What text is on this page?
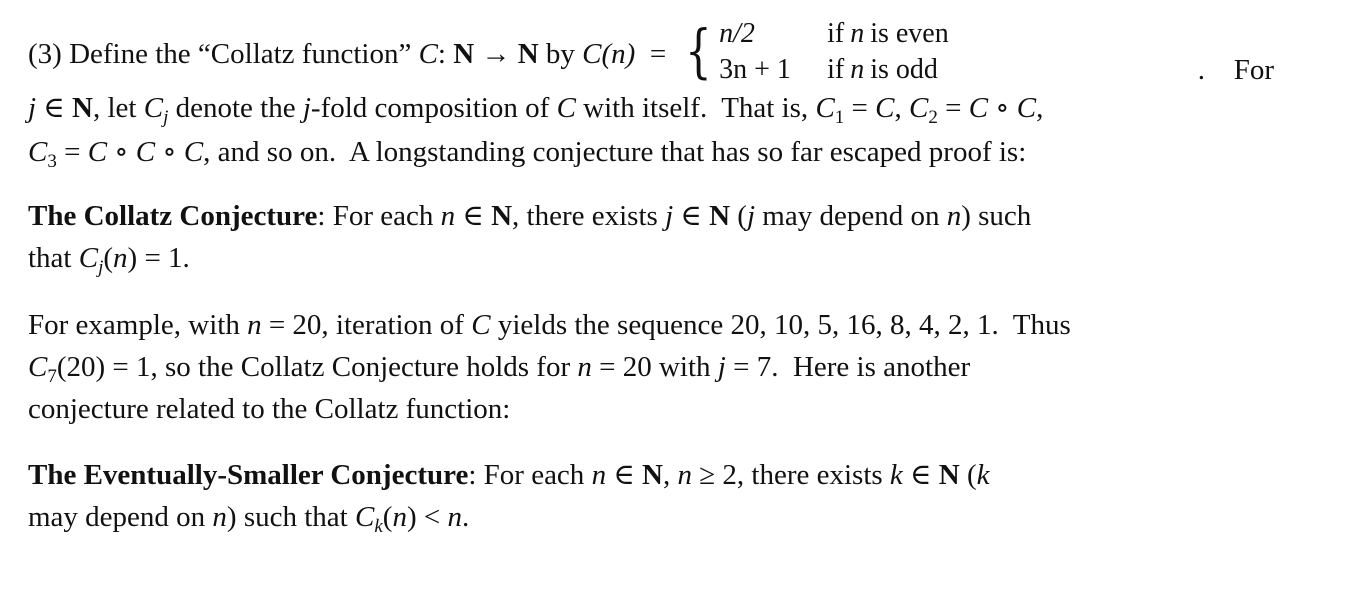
(3)
Define the
“Collatz function”
C :
N
→
N
by
C(n)
= { n/2	if n is even
3n + 1	if n is odd	. For
j ∈ N, let $C_j$ denote the j-fold composition of C with itself.  That is, $C_1 = C$, $C_2 = C$ ∘ C,
$C_3 = C$ ∘ C ∘ C, and so on.  A longstanding conjecture that has so far escaped proof is:
The Collatz Conjecture: For each n ∈ N, there exists j ∈ N (j may depend on n) such
that $C_j(n) = 1$.
For example, with n = 20, iteration of C yields the sequence 20, 10, 5, 16, 8, 4, 2, 1.  Thus
$C_7(20) = 1$, so the Collatz Conjecture holds for n = 20 with j = 7.  Here is another
conjecture related to the Collatz function:
The Eventually-Smaller Conjecture: For each n ∈ N, n ≥ 2, there exists k ∈ N (k
may depend on n) such that $C_k(n) < n$.
